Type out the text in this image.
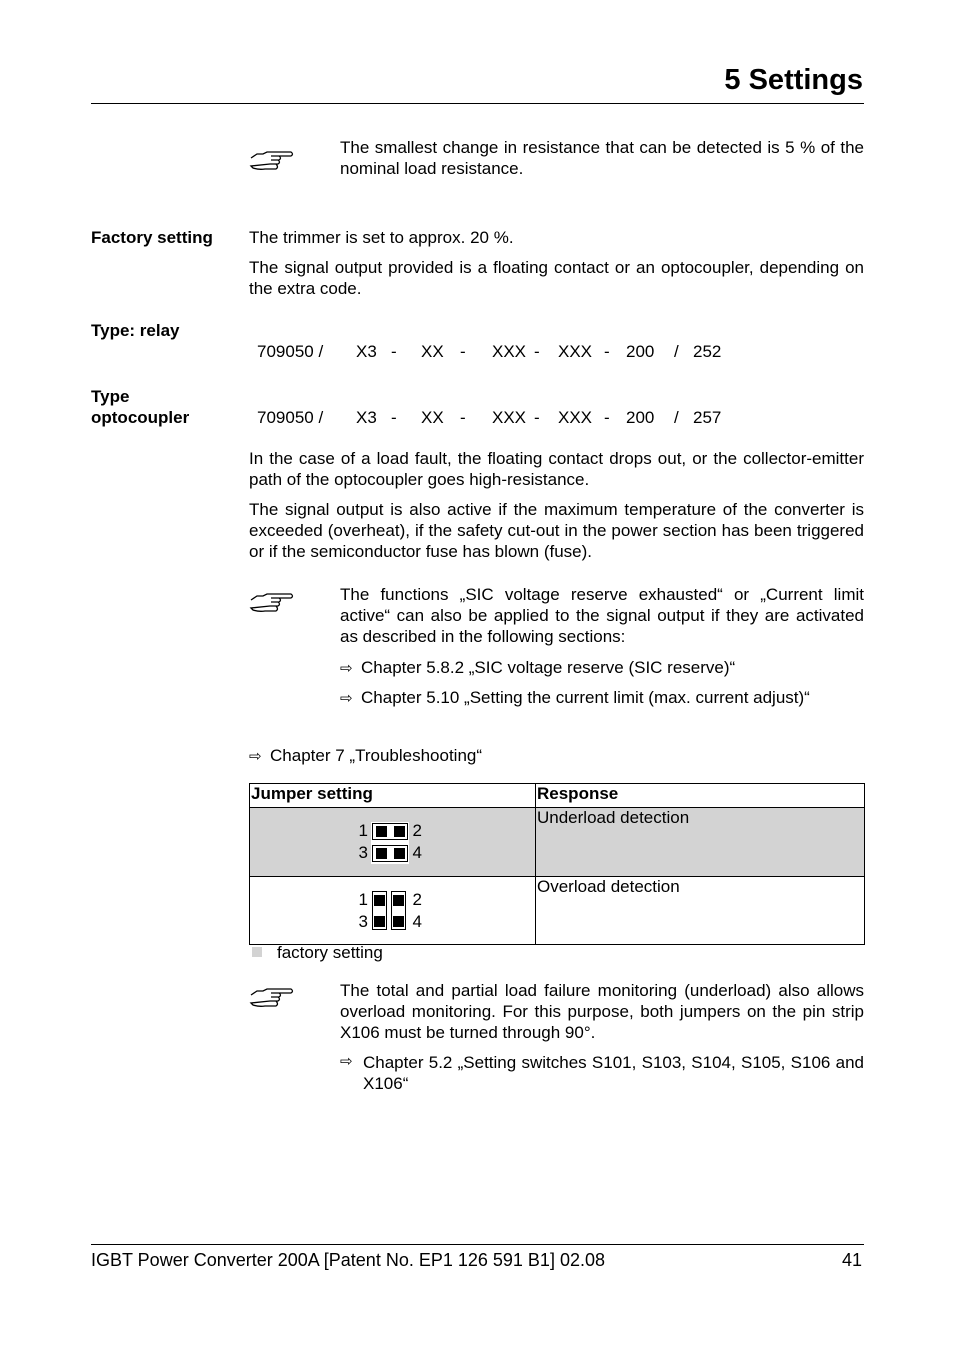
5 Settings
The smallest change in resistance that can be detected is 5 % of the nominal load resistance.
Factory setting The trimmer is set to approx. 20 %.
The signal output provided is a floating contact or an optocoupler, depending on the extra code.
Type: relay
709050 / X3 - XX - XXX - XXX - 200 / 252
Type
optocoupler	709050 / X3 - XX - XXX - XXX - 200 / 257
In the case of a load fault, the floating contact drops out, or the collector-emitter path of the optocoupler goes high-resistance.
The signal output is also active if the maximum temperature of the converter is exceeded (overheat), if the safety cut-out in the power section has been triggered or if the semiconductor fuse has blown (fuse).
The functions „SIC voltage reserve exhausted“ or „Current limit active“ can also be applied to the signal output if they are activated as described in the following sections:
⇨ Chapter 5.8.2 „SIC voltage reserve (SIC reserve)“
⇨ Chapter 5.10 „Setting the current limit (max. current adjust)“
⇨ Chapter 7 „Troubleshooting“
Jumper setting	Response

1 2
3 4	Underload detection

1 2
3 4	Overload detection
factory setting
The total and partial load failure monitoring (underload) also allows overload monitoring. For this purpose, both jumpers on the pin strip X106 must be turned through 90°.
⇨ Chapter 5.2 „Setting switches S101, S103, S104, S105, S106 and X106“
IGBT Power Converter 200A [Patent No. EP1 126 591 B1] 02.08	41
